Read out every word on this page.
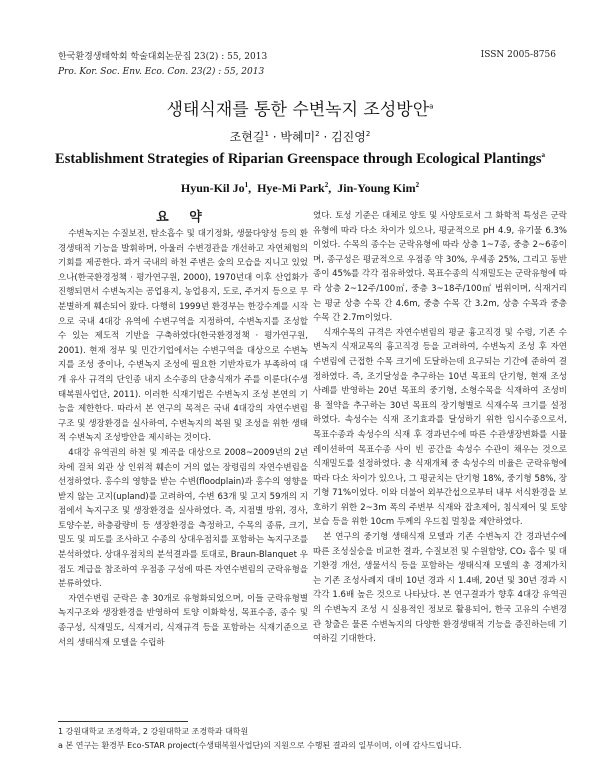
한국환경생태학회 학술대회논문집 23(2) : 55, 2013
Pro. Kor. Soc. Env. Eco. Con. 23(2) : 55, 2013
ISSN 2005-8756
생태식재를 통한 수변녹지 조성방안$^a$
조현길$^1$ · 박혜미$^2$ · 김진영$^2$
Establishment Strategies of Riparian Greenspace through Ecological Plantings$^a$
Hyun-Kil Jo$^1$,  Hye-Mi Park$^2$,  Jin-Young Kim$^2$

요 약

수변녹지는 수질보전, 탄소흡수 및 대기정화, 생물다양성 등의 환경생태적 기능을 발휘하며, 아울러 수변경관을 개선하고 자연체험의 기회를 제공한다. 과거 국내의 하천 주변은 숲의 모습을 지니고 있었으나(한국환경정책 · 평가연구원, 2000), 1970년대 이후 산업화가 진행되면서 수변녹지는 공업용지, 농업용지, 도로, 주거지 등으로 무분별하게 훼손되어 왔다. 다행히 1999년 환경부는 한강수계를 시작으로 국내 4대강 유역에 수변구역을 지정하여, 수변녹지를 조성할 수 있는 제도적 기반을 구축하였다(한국환경정책 · 평가연구원, 2001). 현재 정부 및 민간기업에서는 수변구역을 대상으로 수변녹지를 조성 중이나, 수변녹지 조성에 필요한 기반자료가 부족하여 대개 유사 규격의 단인종 내지 소수종의 단층식재가 주를 이룬다(수생태복원사업단, 2011). 이러한 식재기법은 수변녹지 조성 본연의 기능을 제한한다. 따라서 본 연구의 목적은 국내 4대강의 자연수변림 구조 및 생장환경을 실사하여, 수변녹지의 복원 및 조성을 위한 생태적 수변녹지 조성방안을 제시하는 것이다.

4대강 유역권의 하천 및 계곡을 대상으로 2008~2009년의 2년차에 걸쳐 외관 상 인위적 훼손이 거의 없는 장령림의 자연수변림을 선정하였다. 홍수의 영향을 받는 수변(floodplain)과 홍수의 영향을 받지 않는 고지(upland)를 고려하여, 수변 63개 및 고지 59개의 지점에서 녹지구조 및 생장환경을 실사하였다. 즉, 지점별 방위, 경사, 토양수분, 하층광량비 등 생장환경을 측정하고, 수목의 종류, 크기, 밀도 및 피도를 조사하고 수종의 상대우점치를 포함하는 녹지구조를 분석하였다. 상대우점치의 분석결과를 토대로, Braun-Blanquet 우점도 계급을 참조하여 우점종 구성에 따른 자연수변림의 군락유형을 분류하였다.

자연수변림 군락은 총 30개로 유형화되었으며, 이들 군락유형별 녹지구조와 생장환경을 반영하여 토양 이화학성, 목표수종, 종수 및 종구성, 식재밀도, 식재거리, 식재규격 등을 포함하는 식재기준으로서의 생태식재 모델을 수립하

였다. 토성 기준은 대체로 양토 및 사양토로서 그 화학적 특성은 군락유형에 따라 다소 차이가 있으나, 평균적으로 pH 4.9, 유기물 6.3%이었다. 수목의 종수는 군락유형에 따라 상층 1~7종, 중층 2~6종이며, 종구성은 평균적으로 우점종 약 30%, 우세종 25%, 그리고 동반종이 45%를 각각 점유하였다. 목표수종의 식재밀도는 군락유형에 따라 상층 2~12주/100㎡, 중층 3~18주/100㎡ 범위이며, 식재거리는 평균 상층 수목 간 4.6m, 중층 수목 간 3.2m, 상층 수목과 중층 수목 간 2.7m이었다.

식재수목의 규격은 자연수변림의 평균 흉고직경 및 수령, 기존 수변녹지 식재교목의 흉고직경 등을 고려하여, 수변녹지 조성 후 자연수변림에 근접한 수목 크기에 도달하는데 요구되는 기간에 준하여 결정하였다. 즉, 조기달성을 추구하는 10년 목표의 단기형, 현재 조성사례를 반영하는 20년 목표의 중기형, 소형수목을 식재하여 조성비용 절약을 추구하는 30년 목표의 장기형별로 식재수목 크기를 설정하였다. 속성수는 식재 조기효과를 달성하기 위한 임시수종으로서, 목표수종과 속성수의 식재 후 경과년수에 따른 수관생장변화를 시뮬레이션하여 목표수종 사이 빈 공간을 속성수 수관이 채우는 것으로 식재밀도를 설정하였다. 총 식재개체 중 속성수의 비율은 군락유형에 따라 다소 차이가 있으나, 그 평균치는 단기형 18%, 중기형 58%, 장기형 71%이었다. 이와 더불어 외부간섭으로부터 내부 서식환경을 보호하기 위한 2~3m 폭의 주변부 식재와 잡초제어, 침식제어 및 토양보습 등을 위한 10cm 두께의 우드칩 멀칭을 제안하였다.

본 연구의 중기형 생태식재 모델과 기존 수변녹지 간 경과년수에 따른 조성실숭을 비교한 결과, 수질보전 및 수원함양, CO₂ 흡수 및 대기환경 개선, 생물서식 등을 포함하는 생태식재 모델의 총 경제가치는 기존 조성사례지 대비 10년 경과 시 1.4배, 20년 및 30년 경과 시 각각 1.6배 높은 것으로 나타났다. 본 연구결과가 향후 4대강 유역권의 수변녹지 조성 시 실용적인 정보로 활용되어, 한국 고유의 수변경관 창출은 물론 수변녹지의 다양한 환경생태적 기능을 증진하는데 기여하길 기대한다.

1 강원대학교 조경학과, 2 강원대학교 조경학과 대학원
a 본 연구는 환경부 Eco-STAR project(수생태복원사업단)의 지원으로 수행된 결과의 일부이며, 이에 감사드립니다.
